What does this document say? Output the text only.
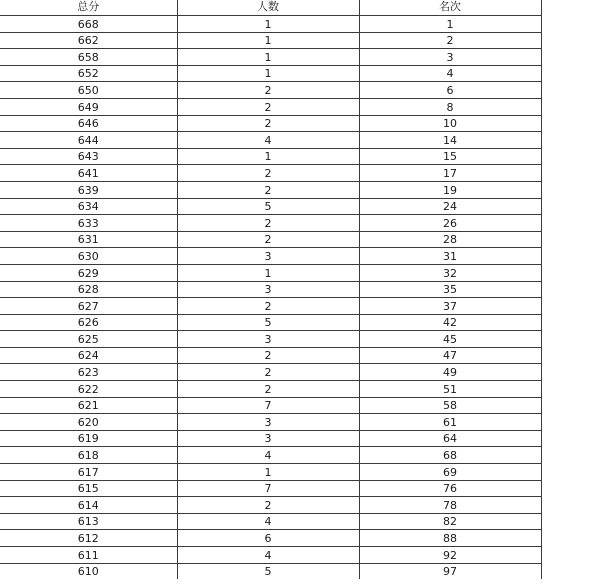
总分	人数	名次
668	1	1
662	1	2
658	1	3
652	1	4
650	2	6
649	2	8
646	2	10
644	4	14
643	1	15
641	2	17
639	2	19
634	5	24
633	2	26
631	2	28
630	3	31
629	1	32
628	3	35
627	2	37
626	5	42
625	3	45
624	2	47
623	2	49
622	2	51
621	7	58
620	3	61
619	3	64
618	4	68
617	1	69
615	7	76
614	2	78
613	4	82
612	6	88
611	4	92
610	5	97
